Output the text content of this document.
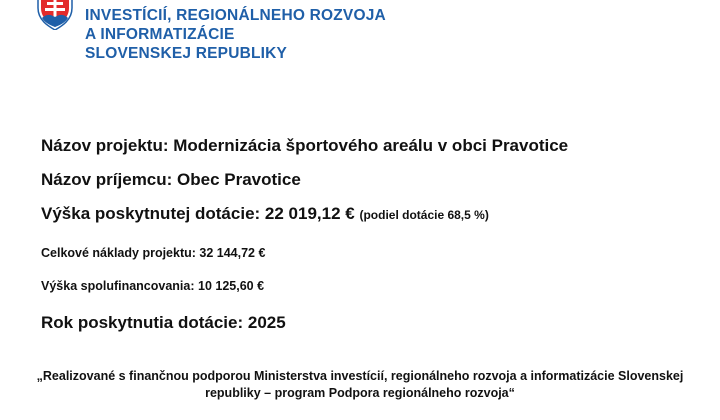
INVESTÍCIÍ, REGIONÁLNEHO ROZVOJA
A INFORMATIZÁCIE
SLOVENSKEJ REPUBLIKY
Názov projektu: Modernizácia športového areálu v obci Pravotice
Názov príjemcu: Obec Pravotice
Výška poskytnutej dotácie: 22 019,12 € (podiel dotácie 68,5 %)
Celkové náklady projektu: 32 144,72 €
Výška spolufinancovania: 10 125,60 €
Rok poskytnutia dotácie: 2025
„Realizované s finančnou podporou Ministerstva investícií, regionálneho rozvoja a informatizácie Slovenskej
republiky – program Podpora regionálneho rozvoja“
